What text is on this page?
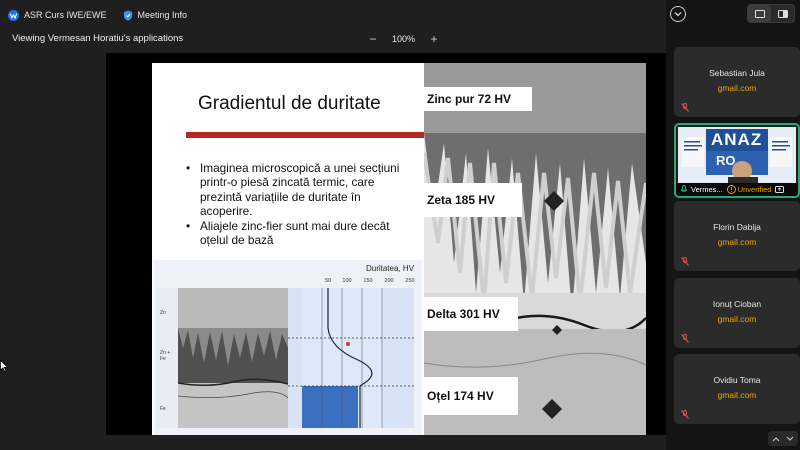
ASR Curs IWE/EWE	Meeting Info
Viewing Vermesan Horatiu's applications	−	100% +
Gradientul de duritate
• Imaginea microscopică a unei secțiuni printr-o piesă zincată termic, care prezintă variațiile de duritate în acoperire.
• Aliajele zinc-fier sunt mai dure decât oțelul de bază
Duritatea, HV
50 100 150 200 250
Zn
Zn + Fe
Fe
Zinc pur 72 HV
Zeta 185 HV
Delta 301 HV
Oțel 174 HV
Sebastian Jula
gmail.com
ANAZ
RO
Vermes... Unverified
Florin Dabija
gmail.com
Ionuț Cioban
gmail.com
Ovidiu Toma
gmail.com
